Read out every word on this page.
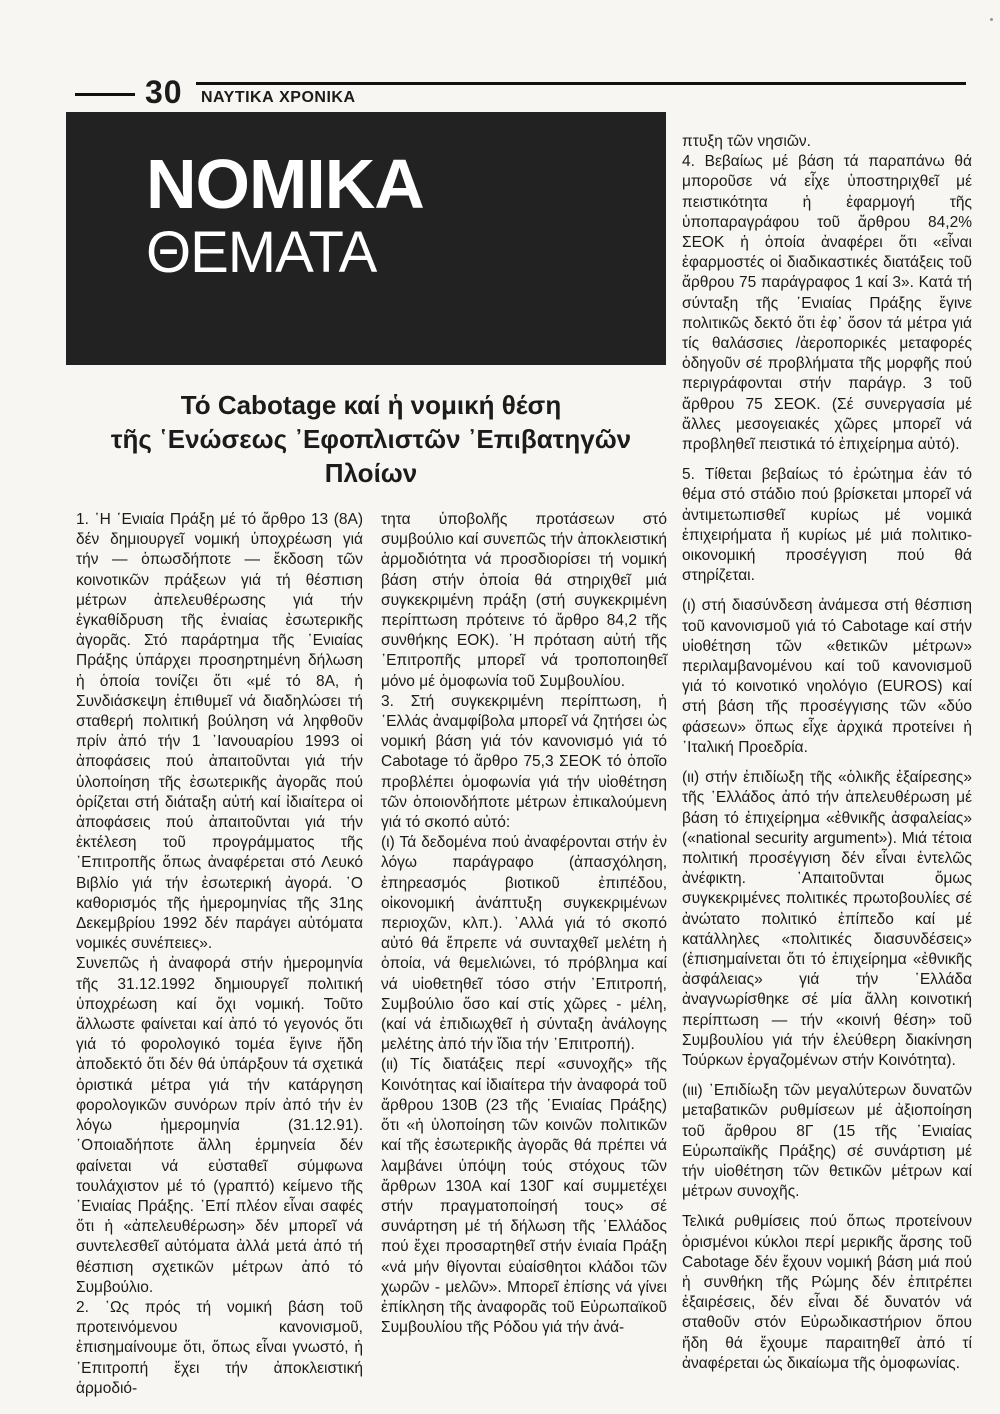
30 ΝΑΥΤΙΚΑ ΧΡΟΝΙΚΑ
ΝΟΜΙΚΑ
ΘΕΜΑΤΑ
Τό Cabotage καί ἡ νομική θέση
τῆς ῾Ενώσεως ᾿Εφοπλιστῶν ᾿Επιβατηγῶν
Πλοίων

1. ῾Η ῾Ενιαία Πράξη μέ τό ἄρθρο 13 (8Α) δέν δημιουργεῖ νομική ὑποχρέωση γιά τήν — ὁπωσδήποτε — ἔκδοση τῶν κοινοτικῶν πράξεων γιά τή θέσπιση μέτρων ἀπελευθέρωσης γιά τήν ἐγκαθίδρυση τῆς ἑνιαίας ἐσωτερικῆς ἀγορᾶς. Στό παράρτημα τῆς ῾Ενιαίας Πράξης ὑπάρχει προσηρτημένη δήλωση ἡ ὁποία τονίζει ὅτι «μέ τό 8Α, ἡ Συνδιάσκεψη ἐπιθυμεῖ νά διαδηλώσει τή σταθερή πολιτική βούληση νά ληφθοῦν πρίν ἀπό τήν 1 ᾿Ιανουαρίου 1993 οἱ ἀποφάσεις πού ἀπαιτοῦνται γιά τήν ὑλοποίηση τῆς ἐσωτερικῆς ἀγορᾶς πού ὁρίζεται στή διάταξη αὐτή καί ἰδιαίτερα οἱ ἀποφάσεις πού ἀπαιτοῦνται γιά τήν ἐκτέλεση τοῦ προγράμματος τῆς ᾿Επιτροπῆς ὅπως ἀναφέρεται στό Λευκό Βιβλίο γιά τήν ἐσωτερική ἀγορά. ῾Ο καθορισμός τῆς ἡμερομηνίας τῆς 31ης Δεκεμβρίου 1992 δέν παράγει αὐτόματα νομικές συνέπειες».

Συνεπῶς ἡ ἀναφορά στήν ἡμερομηνία τῆς 31.12.1992 δημιουργεῖ πολιτική ὑποχρέωση καί ὄχι νομική. Τοῦτο ἄλλωστε φαίνεται καί ἀπό τό γεγονός ὅτι γιά τό φορολογικό τομέα ἔγινε ἤδη ἀποδεκτό ὅτι δέν θά ὑπάρξουν τά σχετικά ὁριστικά μέτρα γιά τήν κατάργηση φορολογικῶν συνόρων πρίν ἀπό τήν ἐν λόγω ἡμερομηνία (31.12.91). ῾Οποιαδήποτε ἄλλη ἑρμηνεία δέν φαίνεται νά εὐσταθεῖ σύμφωνα τουλάχιστον μέ τό (γραπτό) κείμενο τῆς ῾Ενιαίας Πράξης. ᾿Επί πλέον εἶναι σαφές ὅτι ἡ «ἀπελευθέρωση» δέν μπορεῖ νά συντελεσθεῖ αὐτόματα ἀλλά μετά ἀπό τή θέσπιση σχετικῶν μέτρων ἀπό τό Συμβούλιο.

2. ῾Ως πρός τή νομική βάση τοῦ προτεινόμενου κανονισμοῦ, ἐπισημαίνουμε ὅτι, ὅπως εἶναι γνωστό, ἡ ᾿Επιτροπή ἔχει τήν ἀποκλειστική ἁρμοδιό-

τητα ὑποβολῆς προτάσεων στό συμβούλιο καί συνεπῶς τήν ἀποκλειστική ἁρμοδιότητα νά προσδιορίσει τή νομική βάση στήν ὁποία θά στηριχθεῖ μιά συγκεκριμένη πράξη (στή συγκεκριμένη περίπτωση πρότεινε τό ἄρθρο 84,2 τῆς συνθήκης ΕΟΚ). ῾Η πρόταση αὐτή τῆς ᾿Επιτροπῆς μπορεῖ νά τροποποιηθεῖ μόνο μέ ὁμοφωνία τοῦ Συμβουλίου.

3. Στή συγκεκριμένη περίπτωση, ἡ ῾Ελλάς ἀναμφίβολα μπορεῖ νά ζητήσει ὡς νομική βάση γιά τόν κανονισμό γιά τό Cabotage τό ἄρθρο 75,3 ΣΕΟΚ τό ὁποῖο προβλέπει ὁμοφωνία γιά τήν υἱοθέτηση τῶν ὁποιονδήποτε μέτρων ἐπικαλούμενη γιά τό σκοπό αὐτό:

(ι) Τά δεδομένα πού ἀναφέρονται στήν ἐν λόγω παράγραφο (ἀπασχόληση, ἐπηρεασμός βιοτικοῦ ἐπιπέδου, οἰκονομική ἀνάπτυξη συγκεκριμένων περιοχῶν, κλπ.). ᾿Αλλά γιά τό σκοπό αὐτό θά ἔπρεπε νά συνταχθεῖ μελέτη ἡ ὁποία, νά θεμελιώνει, τό πρόβλημα καί νά υἱοθετηθεῖ τόσο στήν ᾿Επιτροπή, Συμβούλιο ὅσο καί στίς χῶρες - μέλη, (καί νά ἐπιδιωχθεῖ ἡ σύνταξη ἀνάλογης μελέτης ἀπό τήν ἴδια τήν ᾿Επιτροπή).

(ιι) Τίς διατάξεις περί «συνοχῆς» τῆς Κοινότητας καί ἰδιαίτερα τήν ἀναφορά τοῦ ἄρθρου 130Β (23 τῆς ῾Ενιαίας Πράξης) ὅτι «ἡ ὑλοποίηση τῶν κοινῶν πολιτικῶν καί τῆς ἐσωτερικῆς ἀγορᾶς θά πρέπει νά λαμβάνει ὑπόψη τούς στόχους τῶν ἄρθρων 130Α καί 130Γ καί συμμετέχει στήν πραγματοποίησή τους» σέ συνάρτηση μέ τή δήλωση τῆς ῾Ελλάδος πού ἔχει προσαρτηθεῖ στήν ἑνιαία Πράξη «νά μήν θίγονται εὐαίσθητοι κλάδοι τῶν χωρῶν - μελῶν». Μπορεῖ ἐπίσης νά γίνει ἐπίκληση τῆς ἀναφορᾶς τοῦ Εὐρωπαϊκοῦ Συμβουλίου τῆς Ρόδου γιά τήν ἀνά-

πτυξη τῶν νησιῶν.

4. Βεβαίως μέ βάση τά παραπάνω θά μποροῦσε νά εἶχε ὑποστηριχθεῖ μέ πειστικότητα ἡ ἐφαρμογή τῆς ὑποπαραγράφου τοῦ ἄρθρου 84,2% ΣΕΟΚ ἡ ὁποία ἀναφέρει ὅτι «εἶναι ἐφαρμοστές οἱ διαδικαστικές διατάξεις τοῦ ἄρθρου 75 παράγραφος 1 καί 3». Κατά τή σύνταξη τῆς ῾Ενιαίας Πράξης ἔγινε πολιτικῶς δεκτό ὅτι ἐφ᾿ ὅσον τά μέτρα γιά τίς θαλάσσιες /ἀεροπορικές μεταφορές ὁδηγοῦν σέ προβλήματα τῆς μορφῆς πού περιγράφονται στήν παράγρ. 3 τοῦ ἄρθρου 75 ΣΕΟΚ. (Σέ συνεργασία μέ ἄλλες μεσογειακές χῶρες μπορεῖ νά προβληθεῖ πειστικά τό ἐπιχείρημα αὐτό).

5. Τίθεται βεβαίως τό ἐρώτημα ἐάν τό θέμα στό στάδιο πού βρίσκεται μπορεῖ νά ἀντιμετωπισθεῖ κυρίως μέ νομικά ἐπιχειρήματα ἤ κυρίως μέ μιά πολιτικο-οικονομική προσέγγιση πού θά στηρίζεται.

(ι) στή διασύνδεση ἀνάμεσα στή θέσπιση τοῦ κανονισμοῦ γιά τό Cabotage καί στήν υἱοθέτηση τῶν «θετικῶν μέτρων» περιλαμβανομένου καί τοῦ κανονισμοῦ γιά τό κοινοτικό νηολόγιο (EUROS) καί στή βάση τῆς προσέγγισης τῶν «δύο φάσεων» ὅπως εἶχε ἀρχικά προτείνει ἡ ᾿Ιταλική Προεδρία.

(ιι) στήν ἐπιδίωξη τῆς «ὁλικῆς ἐξαίρεσης» τῆς ῾Ελλάδος ἀπό τήν ἀπελευθέρωση μέ βάση τό ἐπιχείρημα «ἐθνικῆς ἀσφαλείας» («national security argument»). Μιά τέτοια πολιτική προσέγγιση δέν εἶναι ἐντελῶς ἀνέφικτη. ᾿Απαιτοῦνται ὅμως συγκεκριμένες πολιτικές πρωτοβουλίες σέ ἀνώτατο πολιτικό ἐπίπεδο καί μέ κατάλληλες «πολιτικές διασυνδέσεις» (ἐπισημαίνεται ὅτι τό ἐπιχείρημα «ἐθνικῆς ἀσφάλειας» γιά τήν ῾Ελλάδα ἀναγνωρίσθηκε σέ μία ἄλλη κοινοτική περίπτωση — τήν «κοινή θέση» τοῦ Συμβουλίου γιά τήν ἐλεύθερη διακίνηση Τούρκων ἐργαζομένων στήν Κοινότητα).

(ιιι) ᾿Επιδίωξη τῶν μεγαλύτερων δυνατῶν μεταβατικῶν ρυθμίσεων μέ ἀξιοποίηση τοῦ ἄρθρου 8Γ (15 τῆς ῾Ενιαίας Εὐρωπαϊκῆς Πράξης) σέ συνάρτιση μέ τήν υἱοθέτηση τῶν θετικῶν μέτρων καί μέτρων συνοχῆς.

Τελικά ρυθμίσεις πού ὅπως προτείνουν ὁρισμένοι κύκλοι περί μερικῆς ἄρσης τοῦ Cabotage δέν ἔχουν νομική βάση μιά πού ἡ συνθήκη τῆς Ρώμης δέν ἐπιτρέπει ἐξαιρέσεις, δέν εἶναι δέ δυνατόν νά σταθοῦν στόν Εὐρωδικαστήριον ὅπου ἤδη θά ἔχουμε παραιτηθεῖ ἀπό τί ἀναφέρεται ὡς δικαίωμα τῆς ὁμοφωνίας.
